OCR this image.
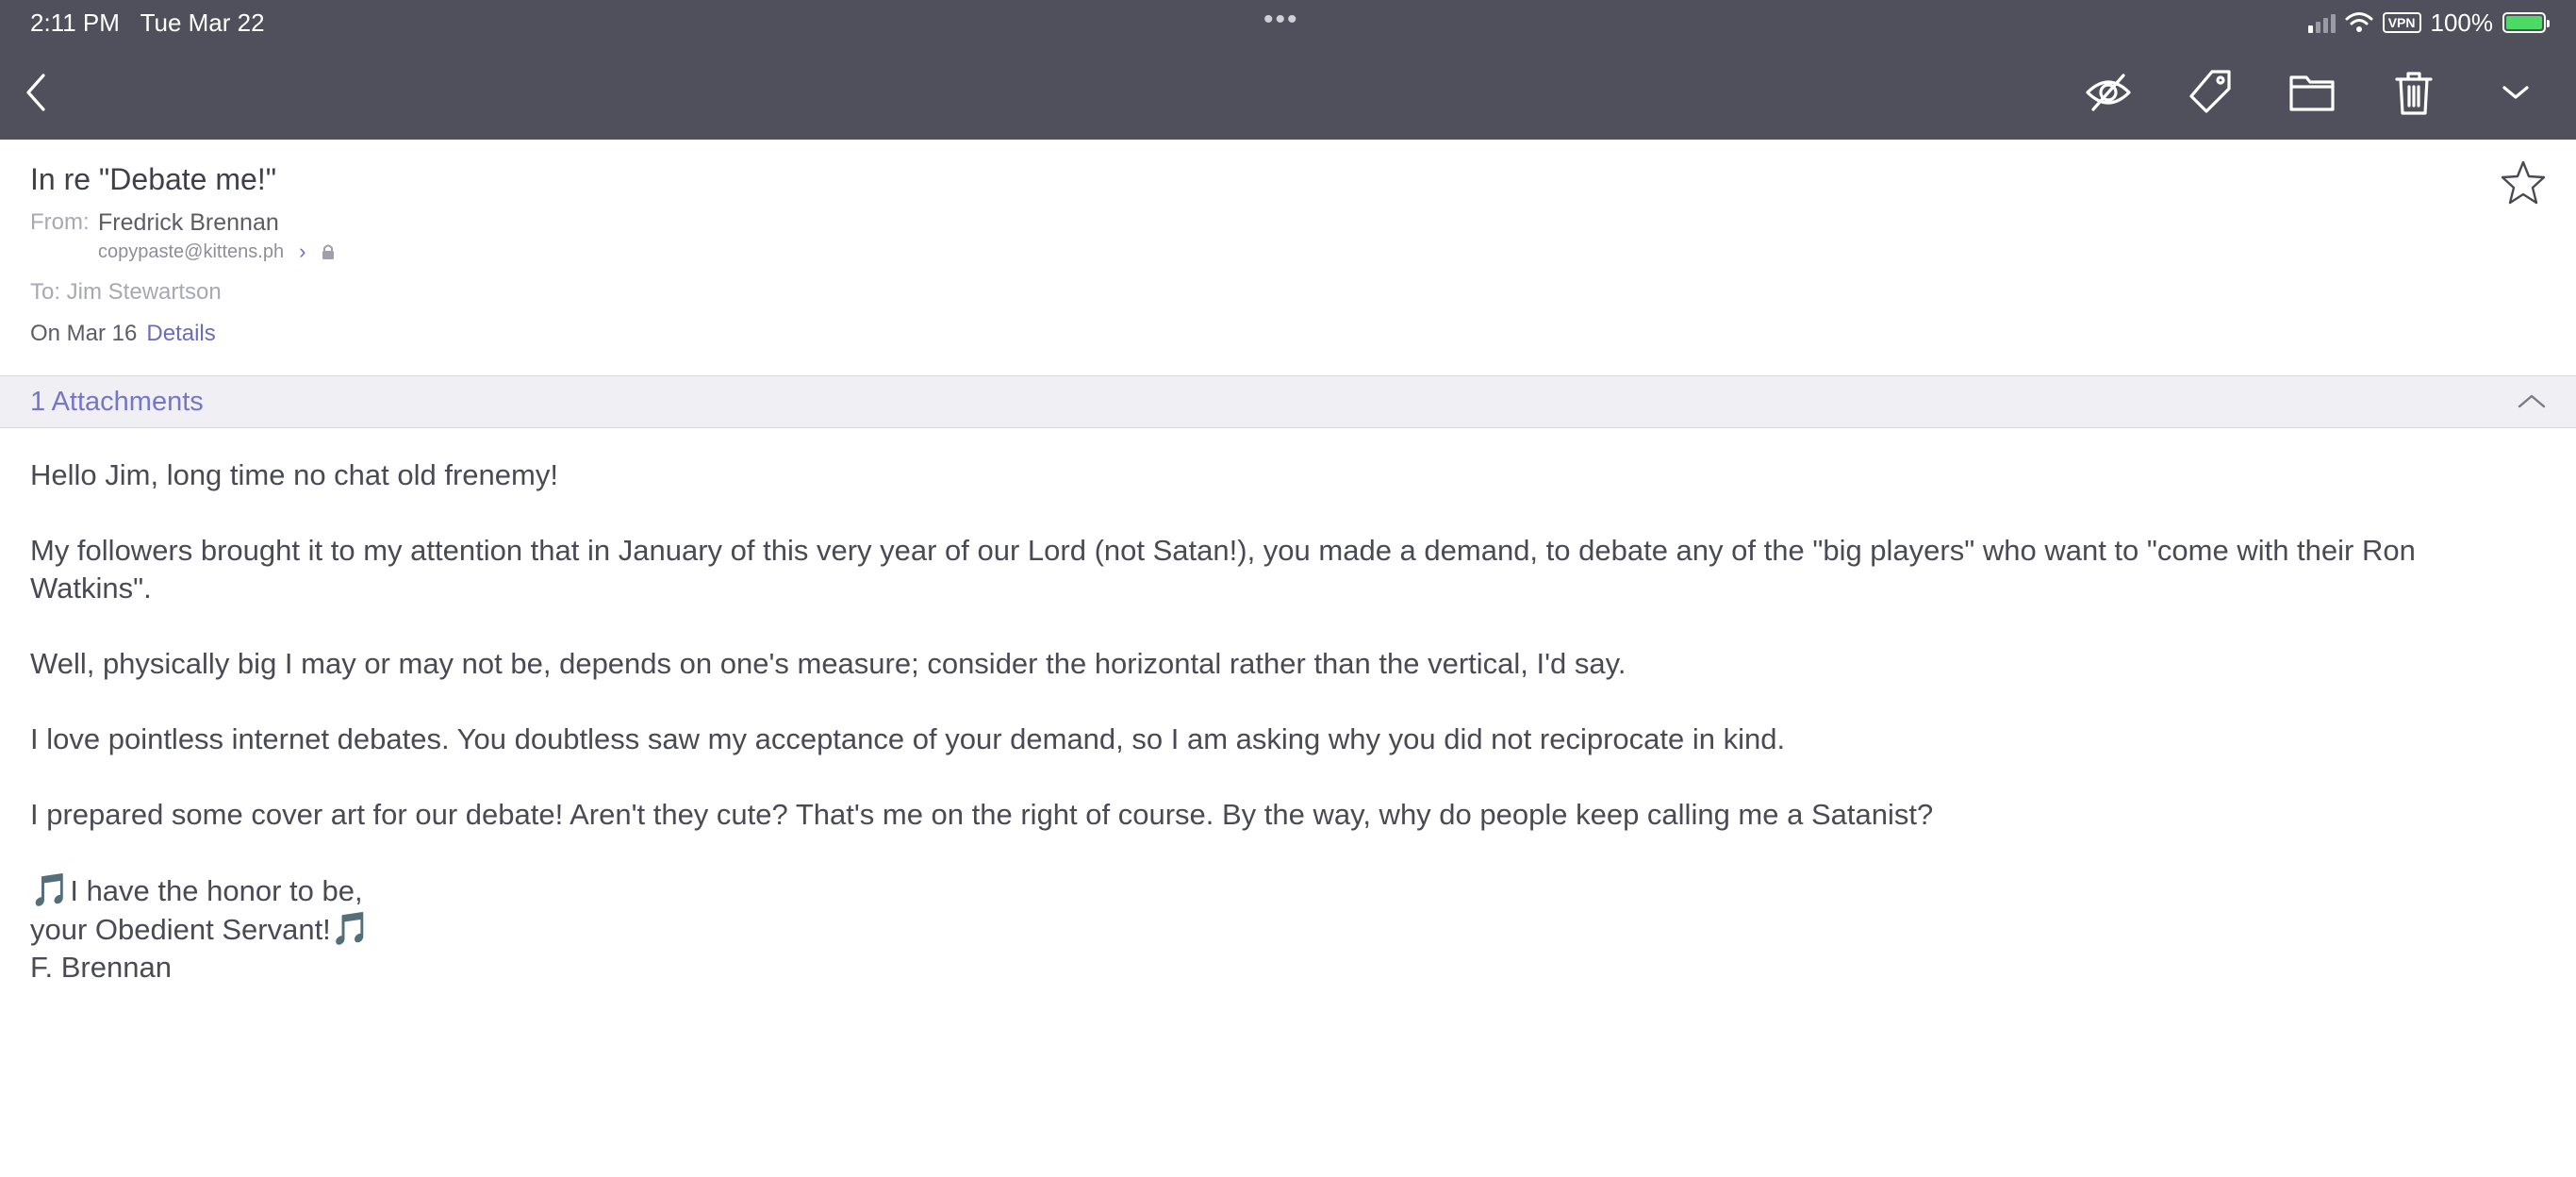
2:11 PM Tue Mar 22	•••	VPN 100%
In re "Debate me!"
From: Fredrick Brennan
copypaste@kittens.ph ›
To: Jim Stewartson
On Mar 16 Details
1 Attachments

Hello Jim, long time no chat old frenemy!

My followers brought it to my attention that in January of this very year of our Lord (not Satan!), you made a demand, to debate any of the "big players" who want to "come with their Ron Watkins".

Well, physically big I may or may not be, depends on one's measure; consider the horizontal rather than the vertical, I'd say.

I love pointless internet debates. You doubtless saw my acceptance of your demand, so I am asking why you did not reciprocate in kind.

I prepared some cover art for our debate! Aren't they cute? That's me on the right of course. By the way, why do people keep calling me a Satanist?

🎵I have the honor to be,
your Obedient Servant!🎵
F. Brennan
